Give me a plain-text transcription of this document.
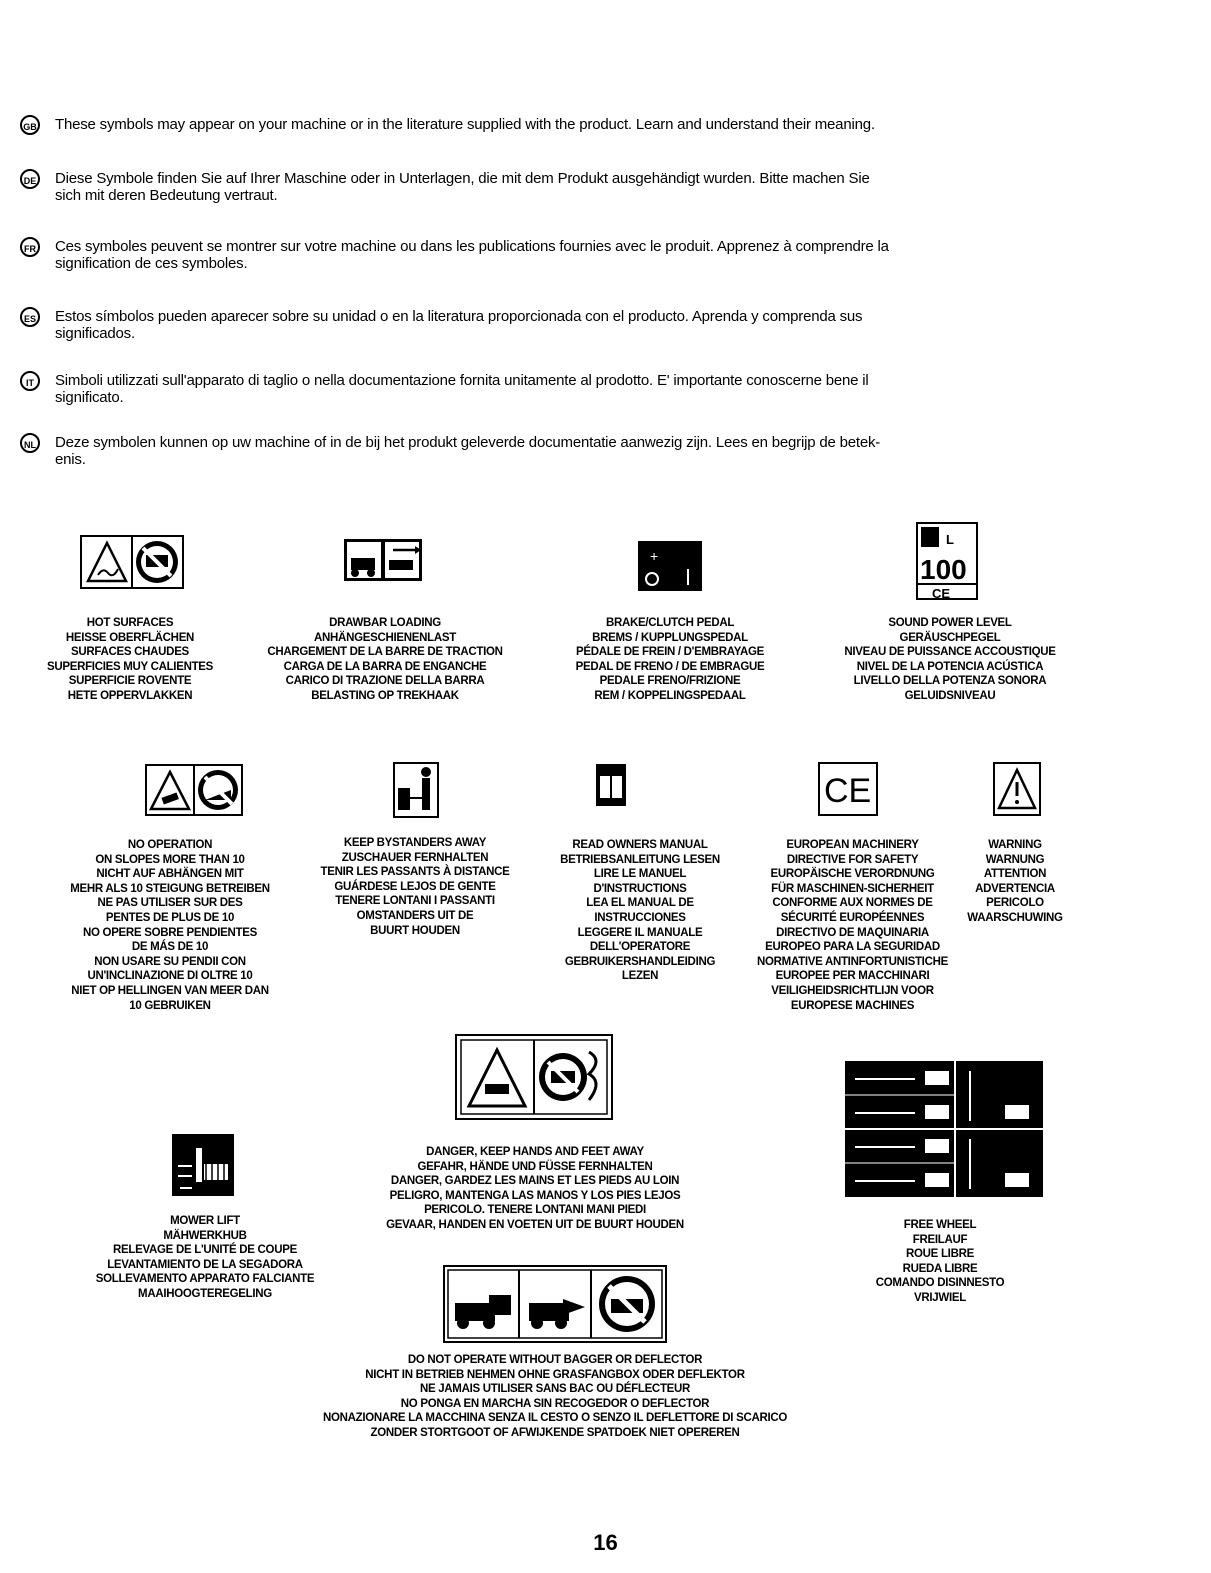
GB These symbols may appear on your machine or in the literature supplied with the product. Learn and understand their meaning.
DE Diese Symbole finden Sie auf Ihrer Maschine oder in Unterlagen, die mit dem Produkt ausgehändigt wurden. Bitte machen Sie
sich mit deren Bedeutung vertraut.
FR Ces symboles peuvent se montrer sur votre machine ou dans les publications fournies avec le produit. Apprenez à comprendre la
signification de ces symboles.
ES Estos símbolos pueden aparecer sobre su unidad o en la literatura proporcionada con el producto. Aprenda y comprenda sus
significados.
IT	Simboli utilizzati sull'apparato di taglio o nella documentazione fornita unitamente al prodotto. E' importante conoscerne bene il
significato.
NL Deze symbolen kunnen op uw machine of in de bij het produkt geleverde documentatie aanwezig zijn. Lees en begrijp de betek-
enis.
+
L
100
CE
HOT SURFACES
HEISSE OBERFLÄCHEN
SURFACES CHAUDES
SUPERFICIES MUY CALIENTES
SUPERFICIE ROVENTE
HETE OPPERVLAKKEN
DRAWBAR LOADING
ANHÄNGESCHIENENLAST
CHARGEMENT DE LA BARRE DE TRACTION
CARGA DE LA BARRA DE ENGANCHE
CARICO DI TRAZIONE DELLA BARRA
BELASTING OP TREKHAAK
BRAKE/CLUTCH PEDAL
BREMS / KUPPLUNGSPEDAL
PÉDALE DE FREIN / D'EMBRAYAGE
PEDAL DE FRENO / DE EMBRAGUE
PEDALE FRENO/FRIZIONE
REM / KOPPELINGSPEDAAL
SOUND POWER LEVEL
GERÄUSCHPEGEL
NIVEAU DE PUISSANCE ACCOUSTIQUE
NIVEL DE LA POTENCIA ACÚSTICA
LIVELLO DELLA POTENZA SONORA
GELUIDSNIVEAU
CE
NO OPERATION
ON SLOPES MORE THAN 10
NICHT AUF ABHÄNGEN MIT
MEHR ALS 10 STEIGUNG BETREIBEN
NE PAS UTILISER SUR DES
PENTES DE PLUS DE 10
NO OPERE SOBRE PENDIENTES
DE MÁS DE 10
NON USARE SU PENDII CON
UN'INCLINAZIONE DI OLTRE 10
NIET OP HELLINGEN VAN MEER DAN
10 GEBRUIKEN
KEEP BYSTANDERS AWAY
ZUSCHAUER FERNHALTEN
TENIR LES PASSANTS À DISTANCE
GUÁRDESE LEJOS DE GENTE
TENERE LONTANI I PASSANTI
OMSTANDERS UIT DE
BUURT HOUDEN
READ OWNERS MANUAL
BETRIEBSANLEITUNG LESEN
LIRE LE MANUEL
D'INSTRUCTIONS
LEA EL MANUAL DE
INSTRUCCIONES
LEGGERE IL MANUALE
DELL'OPERATORE
GEBRUIKERSHANDLEIDING
LEZEN
EUROPEAN MACHINERY
DIRECTIVE FOR SAFETY
EUROPÄISCHE VERORDNUNG
FÜR MASCHINEN-SICHERHEIT
CONFORME AUX NORMES DE
SÉCURITÉ EUROPÉENNES
DIRECTIVO DE MAQUINARIA
EUROPEO PARA LA SEGURIDAD
NORMATIVE ANTINFORTUNISTICHE
EUROPEE PER MACCHINARI
VEILIGHEIDSRICHTLIJN VOOR
EUROPESE MACHINES
WARNING
WARNUNG
ATTENTION
ADVERTENCIA
PERICOLO
WAARSCHUWING
DANGER, KEEP HANDS AND FEET AWAY
GEFAHR, HÄNDE UND FÜSSE FERNHALTEN
DANGER, GARDEZ LES MAINS ET LES PIEDS AU LOIN
PELIGRO, MANTENGA LAS MANOS Y LOS PIES LEJOS
PERICOLO. TENERE LONTANI MANI PIEDI
GEVAAR, HANDEN EN VOETEN UIT DE BUURT HOUDEN
MOWER LIFT
MÄHWERKHUB
RELEVAGE DE L'UNITÉ DE COUPE
LEVANTAMIENTO DE LA SEGADORA
SOLLEVAMENTO APPARATO FALCIANTE
MAAIHOOGTEREGELING
FREE WHEEL
FREILAUF
ROUE LIBRE
RUEDA LIBRE
COMANDO DISINNESTO
VRIJWIEL
DO NOT OPERATE WITHOUT BAGGER OR DEFLECTOR
NICHT IN BETRIEB NEHMEN OHNE GRASFANGBOX ODER DEFLEKTOR
NE JAMAIS UTILISER SANS BAC OU DÉFLECTEUR
NO PONGA EN MARCHA SIN RECOGEDOR O DEFLECTOR
NONAZIONARE LA MACCHINA SENZA IL CESTO O SENZO IL DEFLETTORE DI SCARICO
ZONDER STORTGOOT OF AFWIJKENDE SPATDOEK NIET OPEREREN
16
